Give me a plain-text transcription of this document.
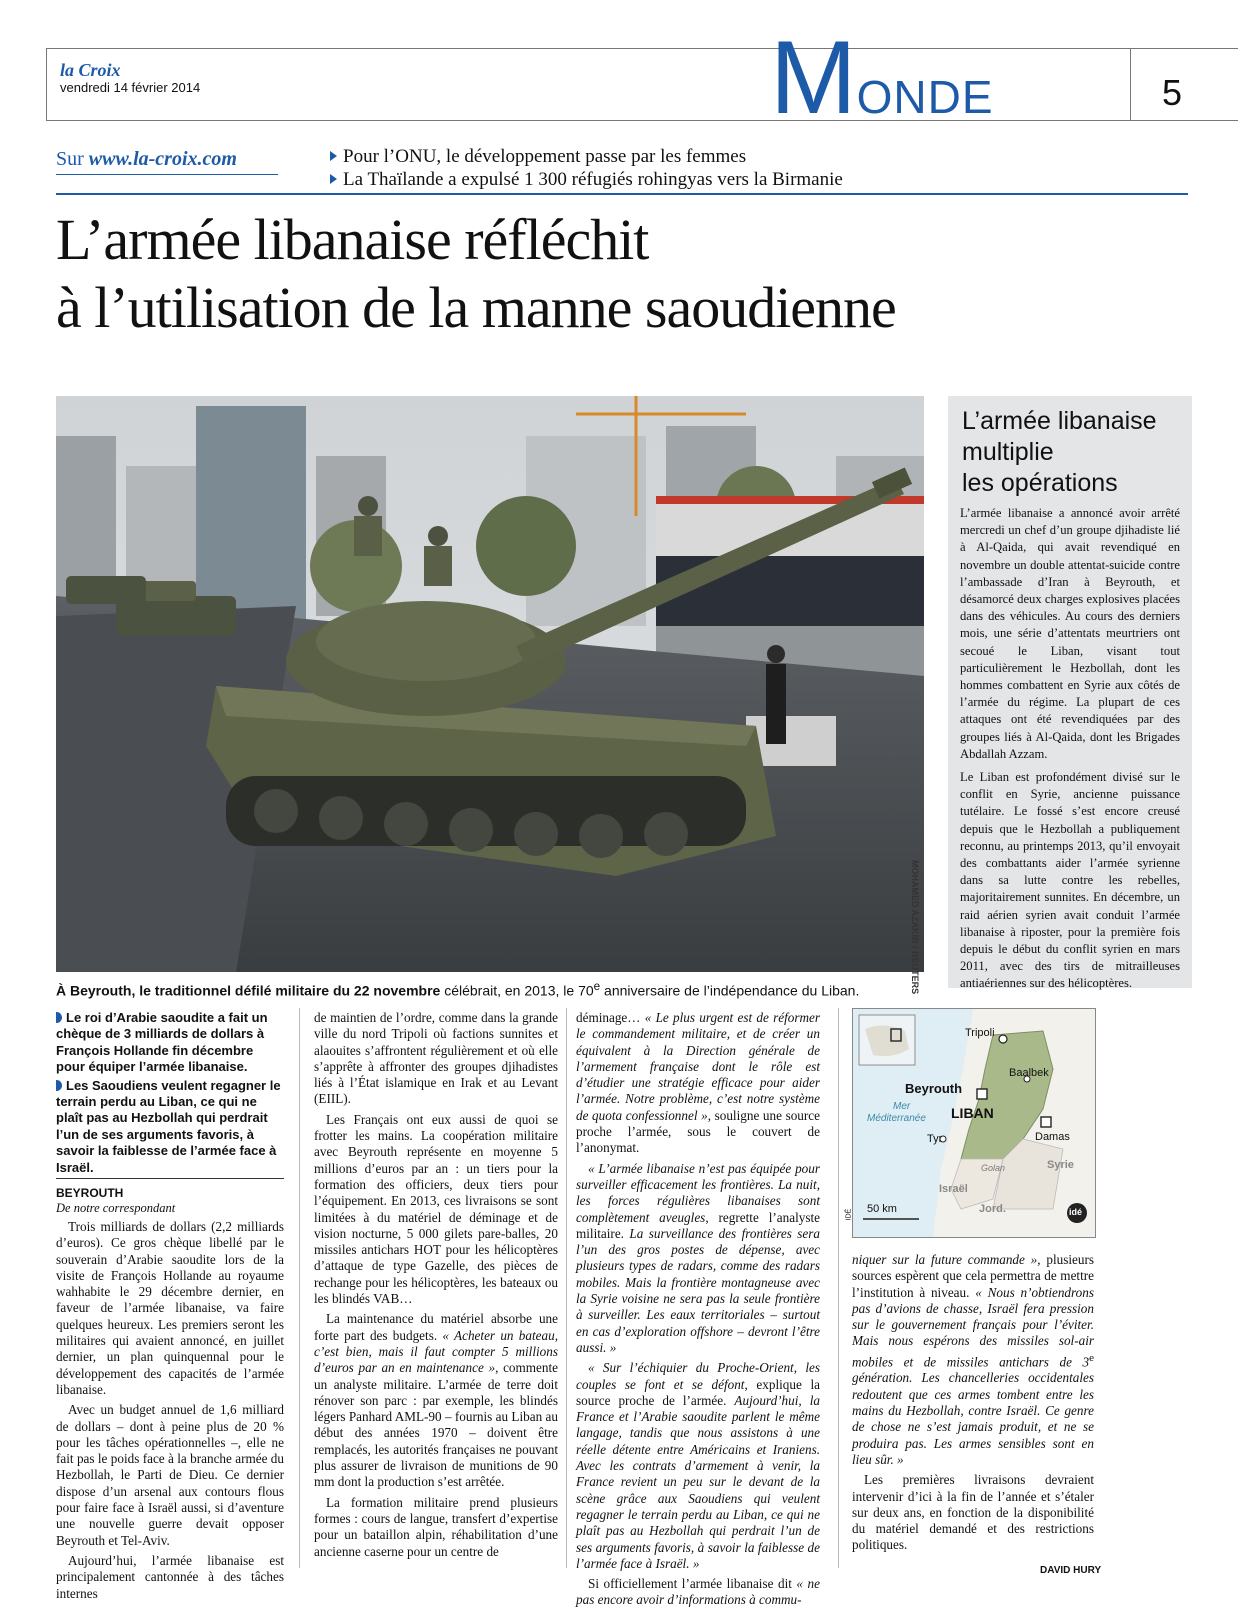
la Croix
vendredi 14 février 2014	MONDE	5
Sur www.la-croix.com	Pour l’ONU, le développement passe par les femmes
La Thaïlande a expulsé 1 300 réfugiés rohingyas vers la Birmanie
L’armée libanaise réfléchit
à l’utilisation de la manne saoudienne
MOHAMED AZAKIR / REUTERS
À Beyrouth, le traditionnel défilé militaire du 22 novembre célébrait, en 2013, le 70e anniversaire de l’indépendance du Liban.
L’armée libanaise
multiplie
les opérations

L’armée libanaise a annoncé avoir arrêté mercredi un chef d’un groupe djihadiste lié à Al-Qaida, qui avait revendiqué en novembre un double attentat-suicide contre l’ambassade d’Iran à Beyrouth, et désamorcé deux charges explosives placées dans des véhicules. Au cours des derniers mois, une série d’attentats meurtriers ont secoué le Liban, visant tout particulièrement le Hezbollah, dont les hommes combattent en Syrie aux côtés de l’armée du régime. La plupart de ces attaques ont été revendiquées par des groupes liés à Al-Qaida, dont les Brigades Abdallah Azzam.

Le Liban est profondément divisé sur le conflit en Syrie, ancienne puissance tutélaire. Le fossé s’est encore creusé depuis que le Hezbollah a publiquement reconnu, au printemps 2013, qu’il envoyait des combattants aider l’armée syrienne dans sa lutte contre les rebelles, majoritairement sunnites. En décembre, un raid aérien syrien avait conduit l’armée libanaise à riposter, pour la première fois depuis le début du conflit syrien en mars 2011, avec des tirs de mitrailleuses antiaériennes sur des hélicoptères.

Le roi d’Arabie saoudite a fait un chèque de 3 milliards de dollars à François Hollande fin décembre pour équiper l’armée libanaise.
Les Saoudiens veulent regagner le terrain perdu au Liban, ce qui ne plaît pas au Hezbollah qui perdrait l’un de ses arguments favoris, à savoir la faiblesse de l’armée face à Israël.
BEYROUTH
De notre correspondant

Trois milliards de dollars (2,2 milliards d’euros). Ce gros chèque libellé par le souverain d’Arabie saoudite lors de la visite de François Hollande au royaume wahhabite le 29 décembre dernier, en faveur de l’armée libanaise, va faire quelques heureux. Les premiers seront les militaires qui avaient annoncé, en juillet dernier, un plan quinquennal pour le développement des capacités de l’armée libanaise.

Avec un budget annuel de 1,6 milliard de dollars – dont à peine plus de 20 % pour les tâches opérationnelles –, elle ne fait pas le poids face à la branche armée du Hezbollah, le Parti de Dieu. Ce dernier dispose d’un arsenal aux contours flous pour faire face à Israël aussi, si d’aventure une nouvelle guerre devait opposer Beyrouth et Tel-Aviv.

Aujourd’hui, l’armée libanaise est principalement cantonnée à des tâches internes

de maintien de l’ordre, comme dans la grande ville du nord Tripoli où factions sunnites et alaouites s’affrontent régulièrement et où elle s’apprête à affronter des groupes djihadistes liés à l’État islamique en Irak et au Levant (EIIL).

Les Français ont eux aussi de quoi se frotter les mains. La coopération militaire avec Beyrouth représente en moyenne 5 millions d’euros par an : un tiers pour la formation des officiers, deux tiers pour l’équipement. En 2013, ces livraisons se sont limitées à du matériel de déminage et de vision nocturne, 5 000 gilets pare-balles, 20 missiles antichars HOT pour les hélicoptères d’attaque de type Gazelle, des pièces de rechange pour les hélicoptères, les bateaux ou les blindés VAB…

La maintenance du matériel absorbe une forte part des budgets. « Acheter un bateau, c’est bien, mais il faut compter 5 millions d’euros par an en maintenance », commente un analyste militaire. L’armée de terre doit rénover son parc : par exemple, les blindés légers Panhard AML-90 – fournis au Liban au début des années 1970 – doivent être remplacés, les autorités françaises ne pouvant plus assurer de livraison de munitions de 90 mm dont la production s’est arrêtée.

La formation militaire prend plusieurs formes : cours de langue, transfert d’expertise pour un bataillon alpin, réhabilitation d’une ancienne caserne pour un centre de

déminage… « Le plus urgent est de réformer le commandement militaire, et de créer un équivalent à la Direction générale de l’armement française dont le rôle est d’étudier une stratégie efficace pour aider l’armée. Notre problème, c’est notre système de quota confessionnel », souligne une source proche l’armée, sous le couvert de l’anonymat.

« L’armée libanaise n’est pas équipée pour surveiller efficacement les frontières. La nuit, les forces régulières libanaises sont complètement aveugles, regrette l’analyste militaire. La surveillance des frontières sera l’un des gros postes de dépense, avec plusieurs types de radars, comme des radars mobiles. Mais la frontière montagneuse avec la Syrie voisine ne sera pas la seule frontière à surveiller. Les eaux territoriales – surtout en cas d’exploration offshore – devront l’être aussi. »

« Sur l’échiquier du Proche-Orient, les couples se font et se défont, explique la source proche de l’armée. Aujourd’hui, la France et l’Arabie saoudite parlent le même langage, tandis que nous assistons à une réelle détente entre Américains et Iraniens. Avec les contrats d’armement à venir, la France revient un peu sur le devant de la scène grâce aux Saoudiens qui veulent regagner le terrain perdu au Liban, ce qui ne plaît pas au Hezbollah qui perdrait l’un de ses arguments favoris, à savoir la faiblesse de l’armée face à Israël. »

Si officiellement l’armée libanaise dit « ne pas encore avoir d’informations à commu-

Tripoli
Baalbek
Beyrouth
LIBAN
Mer
Méditerranée
Damas
Tyr
Golan	Syrie
Israël
Jord.
50 km	idé
IDÉ

niquer sur la future commande », plusieurs sources espèrent que cela permettra de mettre l’institution à niveau. « Nous n’obtiendrons pas d’avions de chasse, Israël fera pression sur le gouvernement français pour l’éviter. Mais nous espérons des missiles sol-air mobiles et de missiles antichars de 3e génération. Les chancelleries occidentales redoutent que ces armes tombent entre les mains du Hezbollah, contre Israël. Ce genre de chose ne s’est jamais produit, et ne se produira pas. Les armes sensibles sont en lieu sûr. »

Les premières livraisons devraient intervenir d’ici à la fin de l’année et s’étaler sur deux ans, en fonction de la disponibilité du matériel demandé et des restrictions politiques.

DAVID HURY
